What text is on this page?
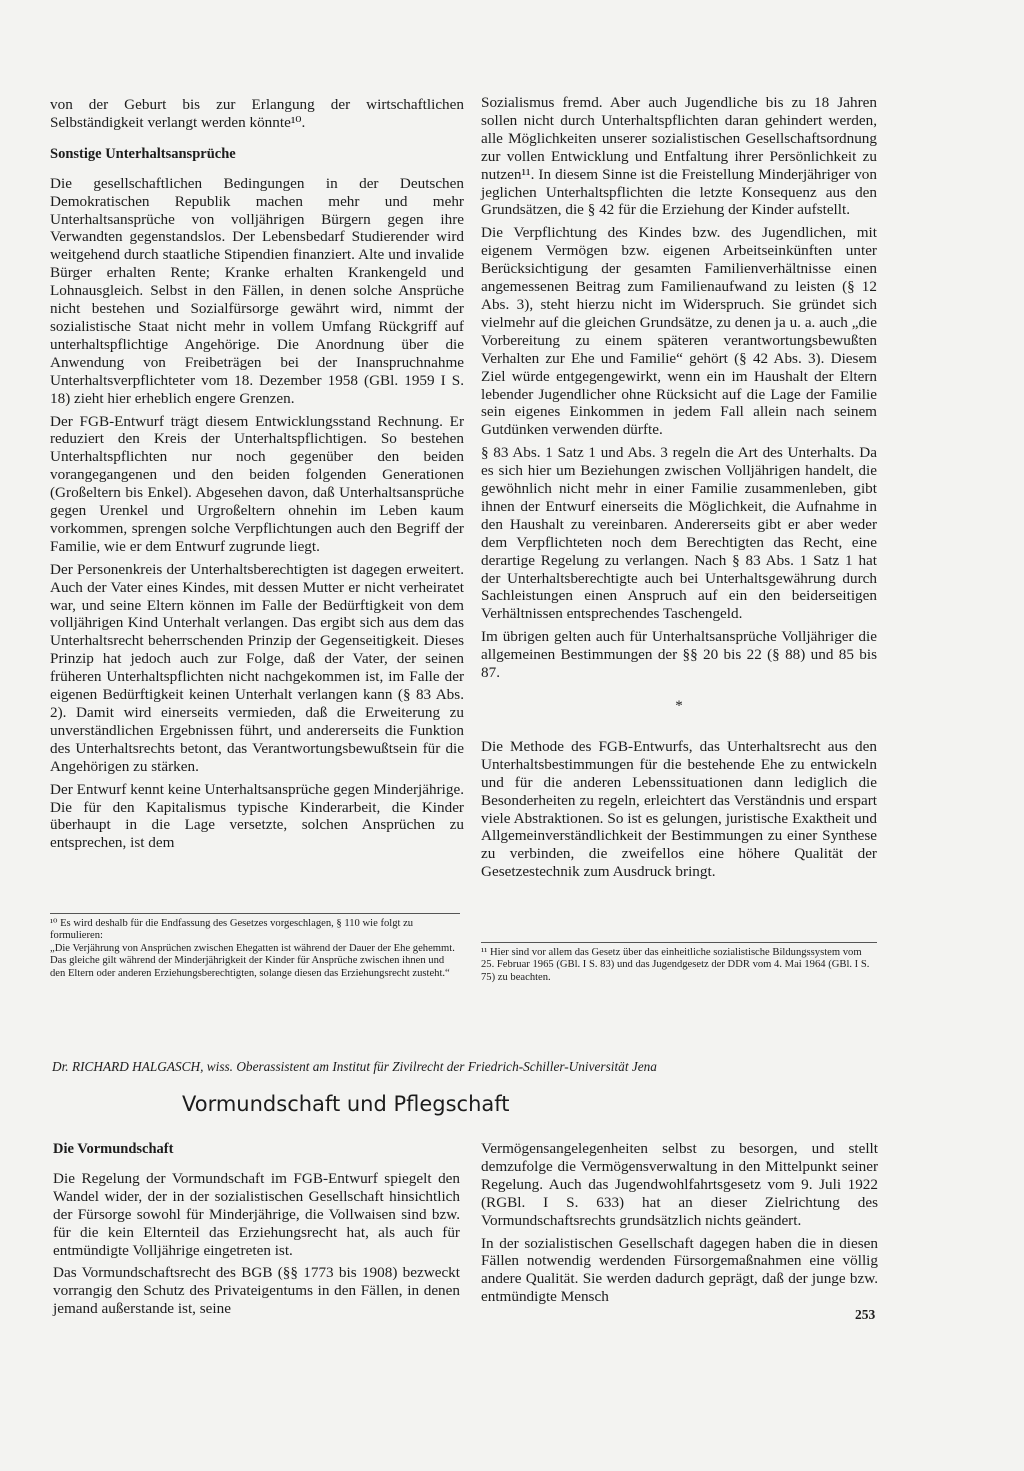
von der Geburt bis zur Erlangung der wirtschaftlichen Selbständigkeit verlangt werden könnte¹⁰.

Sonstige Unterhaltsansprüche

Die gesellschaftlichen Bedingungen in der Deutschen Demokratischen Republik machen mehr und mehr Unterhaltsansprüche von volljährigen Bürgern gegen ihre Verwandten gegenstandslos. Der Lebensbedarf Studierender wird weitgehend durch staatliche Stipendien finanziert. Alte und invalide Bürger erhalten Rente; Kranke erhalten Krankengeld und Lohnausgleich. Selbst in den Fällen, in denen solche Ansprüche nicht bestehen und Sozialfürsorge gewährt wird, nimmt der sozialistische Staat nicht mehr in vollem Umfang Rückgriff auf unterhaltspflichtige Angehörige. Die Anordnung über die Anwendung von Freibeträgen bei der Inanspruchnahme Unterhaltsverpflichteter vom 18. Dezember 1958 (GBl. 1959 I S. 18) zieht hier erheblich engere Grenzen.

Der FGB-Entwurf trägt diesem Entwicklungsstand Rechnung. Er reduziert den Kreis der Unterhaltspflichtigen. So bestehen Unterhaltspflichten nur noch gegenüber den beiden vorangegangenen und den beiden folgenden Generationen (Großeltern bis Enkel). Abgesehen davon, daß Unterhaltsansprüche gegen Urenkel und Urgroßeltern ohnehin im Leben kaum vorkommen, sprengen solche Verpflichtungen auch den Begriff der Familie, wie er dem Entwurf zugrunde liegt.

Der Personenkreis der Unterhaltsberechtigten ist dagegen erweitert. Auch der Vater eines Kindes, mit dessen Mutter er nicht verheiratet war, und seine Eltern können im Falle der Bedürftigkeit von dem volljährigen Kind Unterhalt verlangen. Das ergibt sich aus dem das Unterhaltsrecht beherrschenden Prinzip der Gegenseitigkeit. Dieses Prinzip hat jedoch auch zur Folge, daß der Vater, der seinen früheren Unterhaltspflichten nicht nachgekommen ist, im Falle der eigenen Bedürftigkeit keinen Unterhalt verlangen kann (§ 83 Abs. 2). Damit wird einerseits vermieden, daß die Erweiterung zu unverständlichen Ergebnissen führt, und andererseits die Funktion des Unterhaltsrechts betont, das Verantwortungsbewußtsein für die Angehörigen zu stärken.

Der Entwurf kennt keine Unterhaltsansprüche gegen Minderjährige. Die für den Kapitalismus typische Kinderarbeit, die Kinder überhaupt in die Lage versetzte, solchen Ansprüchen zu entsprechen, ist dem

¹⁰ Es wird deshalb für die Endfassung des Gesetzes vorgeschlagen, § 110 wie folgt zu formulieren:

„Die Verjährung von Ansprüchen zwischen Ehegatten ist während der Dauer der Ehe gehemmt. Das gleiche gilt während der Minderjährigkeit der Kinder für Ansprüche zwischen ihnen und den Eltern oder anderen Erziehungsberechtigten, solange diesen das Erziehungsrecht zusteht.“

Sozialismus fremd. Aber auch Jugendliche bis zu 18 Jahren sollen nicht durch Unterhaltspflichten daran gehindert werden, alle Möglichkeiten unserer sozialistischen Gesellschaftsordnung zur vollen Entwicklung und Entfaltung ihrer Persönlichkeit zu nutzen¹¹. In diesem Sinne ist die Freistellung Minderjähriger von jeglichen Unterhaltspflichten die letzte Konsequenz aus den Grundsätzen, die § 42 für die Erziehung der Kinder aufstellt.

Die Verpflichtung des Kindes bzw. des Jugendlichen, mit eigenem Vermögen bzw. eigenen Arbeitseinkünften unter Berücksichtigung der gesamten Familienverhältnisse einen angemessenen Beitrag zum Familienaufwand zu leisten (§ 12 Abs. 3), steht hierzu nicht im Widerspruch. Sie gründet sich vielmehr auf die gleichen Grundsätze, zu denen ja u. a. auch „die Vorbereitung zu einem späteren verantwortungsbewußten Verhalten zur Ehe und Familie“ gehört (§ 42 Abs. 3). Diesem Ziel würde entgegengewirkt, wenn ein im Haushalt der Eltern lebender Jugendlicher ohne Rücksicht auf die Lage der Familie sein eigenes Einkommen in jedem Fall allein nach seinem Gutdünken verwenden dürfte.

§ 83 Abs. 1 Satz 1 und Abs. 3 regeln die Art des Unterhalts. Da es sich hier um Beziehungen zwischen Volljährigen handelt, die gewöhnlich nicht mehr in einer Familie zusammenleben, gibt ihnen der Entwurf einerseits die Möglichkeit, die Aufnahme in den Haushalt zu vereinbaren. Andererseits gibt er aber weder dem Verpflichteten noch dem Berechtigten das Recht, eine derartige Regelung zu verlangen. Nach § 83 Abs. 1 Satz 1 hat der Unterhaltsberechtigte auch bei Unterhaltsgewährung durch Sachleistungen einen Anspruch auf ein den beiderseitigen Verhältnissen entsprechendes Taschengeld.

Im übrigen gelten auch für Unterhaltsansprüche Volljähriger die allgemeinen Bestimmungen der §§ 20 bis 22 (§ 88) und 85 bis 87.

*

Die Methode des FGB-Entwurfs, das Unterhaltsrecht aus den Unterhaltsbestimmungen für die bestehende Ehe zu entwickeln und für die anderen Lebenssituationen dann lediglich die Besonderheiten zu regeln, erleichtert das Verständnis und erspart viele Abstraktionen. So ist es gelungen, juristische Exaktheit und Allgemeinverständlichkeit der Bestimmungen zu einer Synthese zu verbinden, die zweifellos eine höhere Qualität der Gesetzestechnik zum Ausdruck bringt.

¹¹ Hier sind vor allem das Gesetz über das einheitliche sozialistische Bildungssystem vom 25. Februar 1965 (GBl. I S. 83) und das Jugendgesetz der DDR vom 4. Mai 1964 (GBl. I S. 75) zu beachten.

Dr. RICHARD HALGASCH, wiss. Oberassistent am Institut für Zivilrecht der Friedrich-Schiller-Universität Jena
Vormundschaft und Pflegschaft
Die Vormundschaft

Die Regelung der Vormundschaft im FGB-Entwurf spiegelt den Wandel wider, der in der sozialistischen Gesellschaft hinsichtlich der Fürsorge sowohl für Minderjährige, die Vollwaisen sind bzw. für die kein Elternteil das Erziehungsrecht hat, als auch für entmündigte Volljährige eingetreten ist.

Das Vormundschaftsrecht des BGB (§§ 1773 bis 1908) bezweckt vorrangig den Schutz des Privateigentums in den Fällen, in denen jemand außerstande ist, seine

Vermögensangelegenheiten selbst zu besorgen, und stellt demzufolge die Vermögensverwaltung in den Mittelpunkt seiner Regelung. Auch das Jugendwohlfahrtsgesetz vom 9. Juli 1922 (RGBl. I S. 633) hat an dieser Zielrichtung des Vormundschaftsrechts grundsätzlich nichts geändert.

In der sozialistischen Gesellschaft dagegen haben die in diesen Fällen notwendig werdenden Fürsorgemaßnahmen eine völlig andere Qualität. Sie werden dadurch geprägt, daß der junge bzw. entmündigte Mensch

253
